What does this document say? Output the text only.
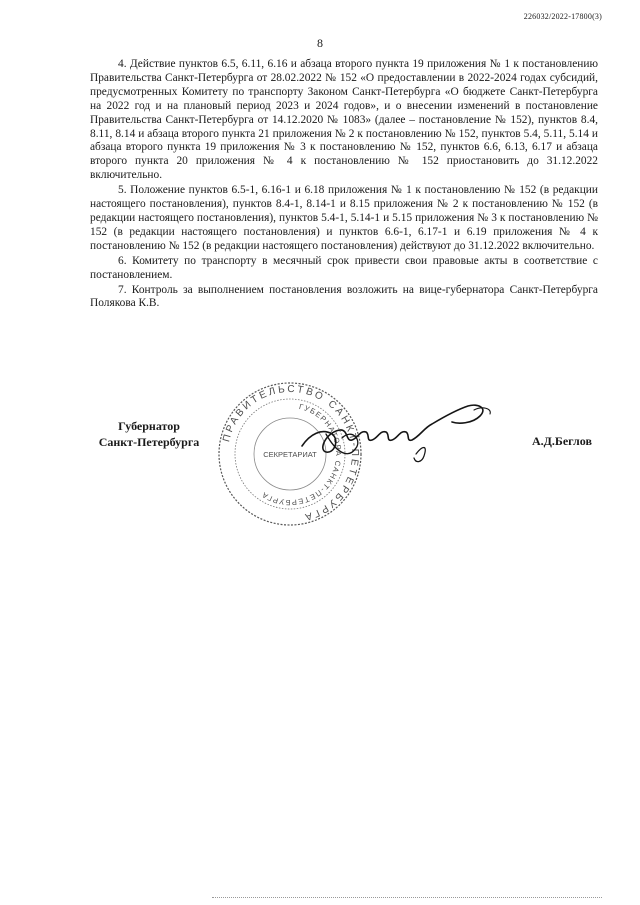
226032/2022-17800(3)
8

4. Действие пунктов 6.5, 6.11, 6.16 и абзаца второго пункта 19 приложения № 1 к постановлению Правительства Санкт-Петербурга от 28.02.2022 № 152 «О предоставлении в 2022-2024 годах субсидий, предусмотренных Комитету по транспорту Законом Санкт-Петербурга «О бюджете Санкт-Петербурга на 2022 год и на плановый период 2023 и 2024 годов», и о внесении изменений в постановление Правительства Санкт-Петербурга от 14.12.2020 № 1083» (далее – постановление № 152), пунктов 8.4, 8.11, 8.14 и абзаца второго пункта 21 приложения № 2 к постановлению № 152, пунктов 5.4, 5.11, 5.14 и абзаца второго пункта 19 приложения № 3 к постановлению № 152, пунктов 6.6, 6.13, 6.17 и абзаца второго пункта 20 приложения № 4 к постановлению № 152 приостановить до 31.12.2022 включительно.

5. Положение пунктов 6.5-1, 6.16-1 и 6.18 приложения № 1 к постановлению № 152 (в редакции настоящего постановления), пунктов 8.4-1, 8.14-1 и 8.15 приложения № 2 к постановлению № 152 (в редакции настоящего постановления), пунктов 5.4-1, 5.14-1 и 5.15 приложения № 3 к постановлению № 152 (в редакции настоящего постановления) и пунктов 6.6-1, 6.17-1 и 6.19 приложения № 4 к постановлению № 152 (в редакции настоящего постановления) действуют до 31.12.2022 включительно.

6. Комитету по транспорту в месячный срок привести свои правовые акты в соответствие с постановлением.

7. Контроль за выполнением постановления возложить на вице-губернатора Санкт-Петербурга Полякова К.В.

Губернатор
Санкт-Петербурга	ПРАВИТЕЛЬСТВО САНКТ-ПЕТЕРБУРГА
ГУБЕРНАТОРА САНКТ-ПЕТЕРБУРГА
СЕКРЕТАРИАТ
А.Д.Беглов
